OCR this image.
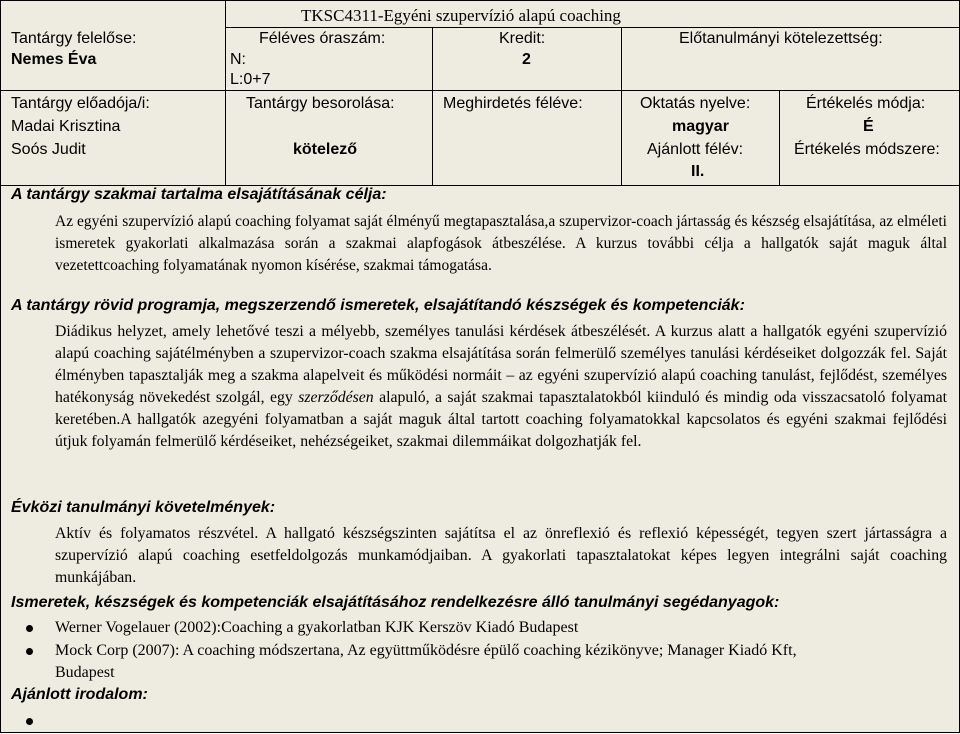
TKSC4311-Egyéni szupervízió alapú coaching
Tantárgy felelőse:
Nemes Éva
Féléves óraszám:
N:
L:0+7
Kredit:
2
Előtanulmányi kötelezettség:
Tantárgy előadója/i:
Madai Krisztina
Soós Judit
Tantárgy besorolása:
kötelező
Meghirdetés féléve:	Oktatás nyelve:
magyar
Ajánlott félév:
II.
Értékelés módja:
É
Értékelés módszere:
A tantárgy szakmai tartalma elsajátításának célja:
Az egyéni szupervízió alapú coaching folyamat saját élményű megtapasztalása,a szupervizor-coach jártasság és készség elsajátítása, az elméleti ismeretek gyakorlati alkalmazása során a szakmai alapfogások átbeszélése. A kurzus további célja a hallgatók saját maguk által vezetettcoaching folyamatának nyomon kísérése, szakmai támogatása.
A tantárgy rövid programja, megszerzendő ismeretek, elsajátítandó készségek és kompetenciák:
Diádikus helyzet, amely lehetővé teszi a mélyebb, személyes tanulási kérdések átbeszélését. A kurzus alatt a hallgatók egyéni szupervízió alapú coaching sajátélményben a szupervizor-coach szakma elsajátítása során felmerülő személyes tanulási kérdéseiket dolgozzák fel. Saját élményben tapasztalják meg a szakma alapelveit és működési normáit – az egyéni szupervízió alapú coaching tanulást, fejlődést, személyes hatékonyság növekedést szolgál, egy szerződésen alapuló, a saját szakmai tapasztalatokból kiinduló és mindig oda visszacsatoló folyamat keretében.A hallgatók azegyéni folyamatban a saját maguk által tartott coaching folyamatokkal kapcsolatos és egyéni szakmai fejlődési útjuk folyamán felmerülő kérdéseiket, nehézségeiket, szakmai dilemmáikat dolgozhatják fel.
Évközi tanulmányi követelmények:
Aktív és folyamatos részvétel. A hallgató készségszinten sajátítsa el az önreflexió és reflexió képességét, tegyen szert jártasságra a szupervízió alapú coaching esetfeldolgozás munkamódjaiban. A gyakorlati tapasztalatokat képes legyen integrálni saját coaching munkájában.
Ismeretek, készségek és kompetenciák elsajátításához rendelkezésre álló tanulmányi segédanyagok:
Werner Vogelauer (2002):Coaching a gyakorlatban KJK Kerszöv Kiadó Budapest
Mock Corp (2007): A coaching módszertana, Az együttműködésre épülő coaching kézikönyve; Manager Kiadó Kft,
Budapest
Ajánlott irodalom:
